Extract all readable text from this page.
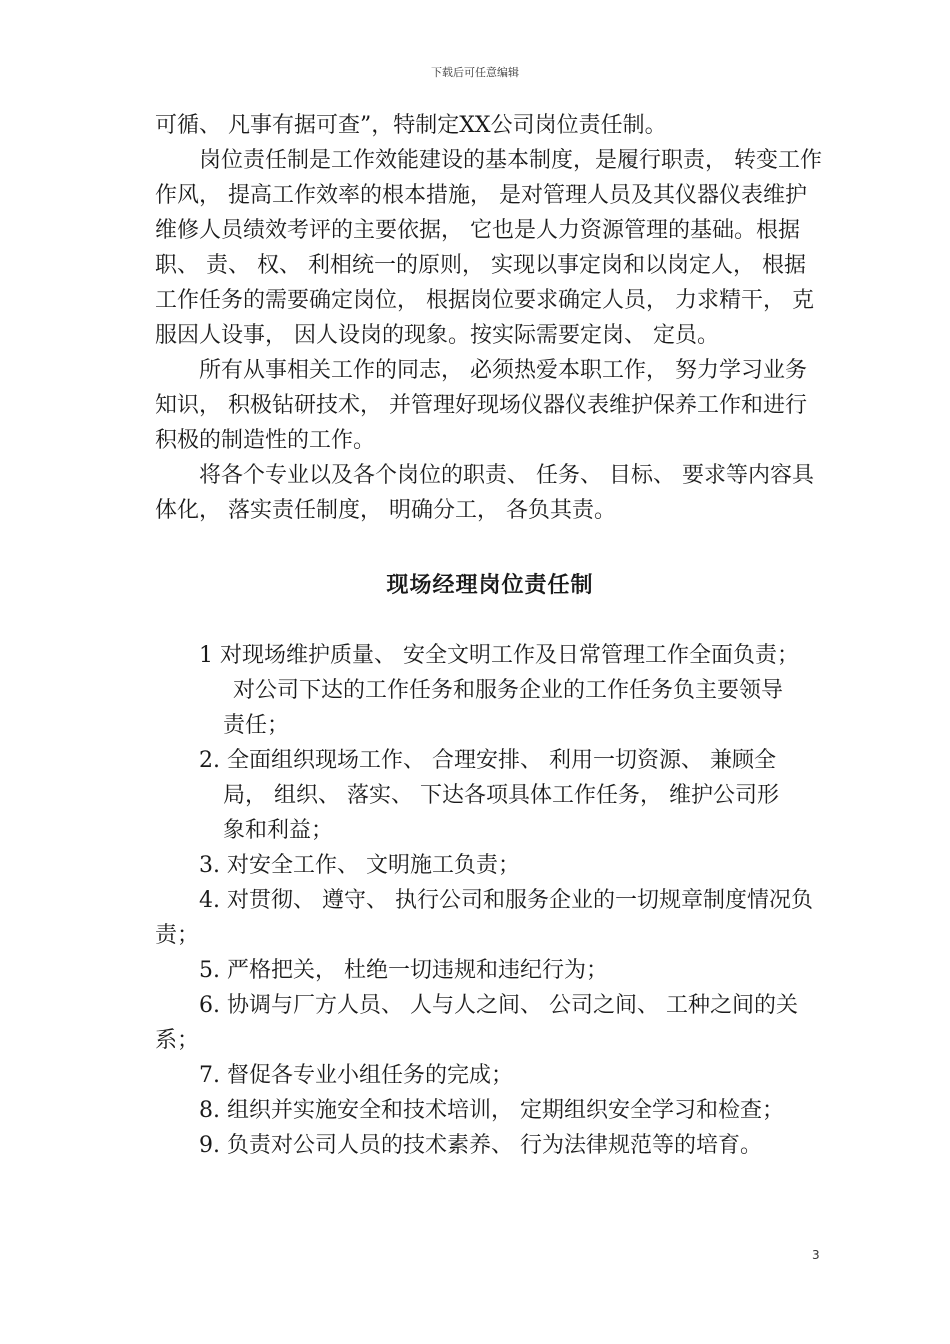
下载后可任意编辑

可循、 凡事有据可查”，特制定XX公司岗位责任制。

岗位责任制是工作效能建设的基本制度，是履行职责， 转变工作作风， 提高工作效率的根本措施， 是对管理人员及其仪器仪表维护维修人员绩效考评的主要依据， 它也是人力资源管理的基础。根据职、 责、 权、 利相统一的原则， 实现以事定岗和以岗定人， 根据工作任务的需要确定岗位， 根据岗位要求确定人员， 力求精干， 克服因人设事， 因人设岗的现象。按实际需要定岗、 定员。

所有从事相关工作的同志， 必须热爱本职工作， 努力学习业务知识， 积极钻研技术， 并管理好现场仪器仪表维护保养工作和进行积极的制造性的工作。

将各个专业以及各个岗位的职责、 任务、 目标、 要求等内容具体化， 落实责任制度， 明确分工， 各负其责。

现场经理岗位责任制

1 对现场维护质量、 安全文明工作及日常管理工作全面负责；

对公司下达的工作任务和服务企业的工作任务负主要领导

责任；

2. 全面组织现场工作、 合理安排、 利用一切资源、 兼顾全

局， 组织、 落实、 下达各项具体工作任务， 维护公司形

象和利益；

3. 对安全工作、 文明施工负责；

4. 对贯彻、 遵守、 执行公司和服务企业的一切规章制度情况负责；

5. 严格把关， 杜绝一切违规和违纪行为；

6. 协调与厂方人员、 人与人之间、 公司之间、 工种之间的关系；

7. 督促各专业小组任务的完成；

8. 组织并实施安全和技术培训， 定期组织安全学习和检查；

9. 负责对公司人员的技术素养、 行为法律规范等的培育。

3
